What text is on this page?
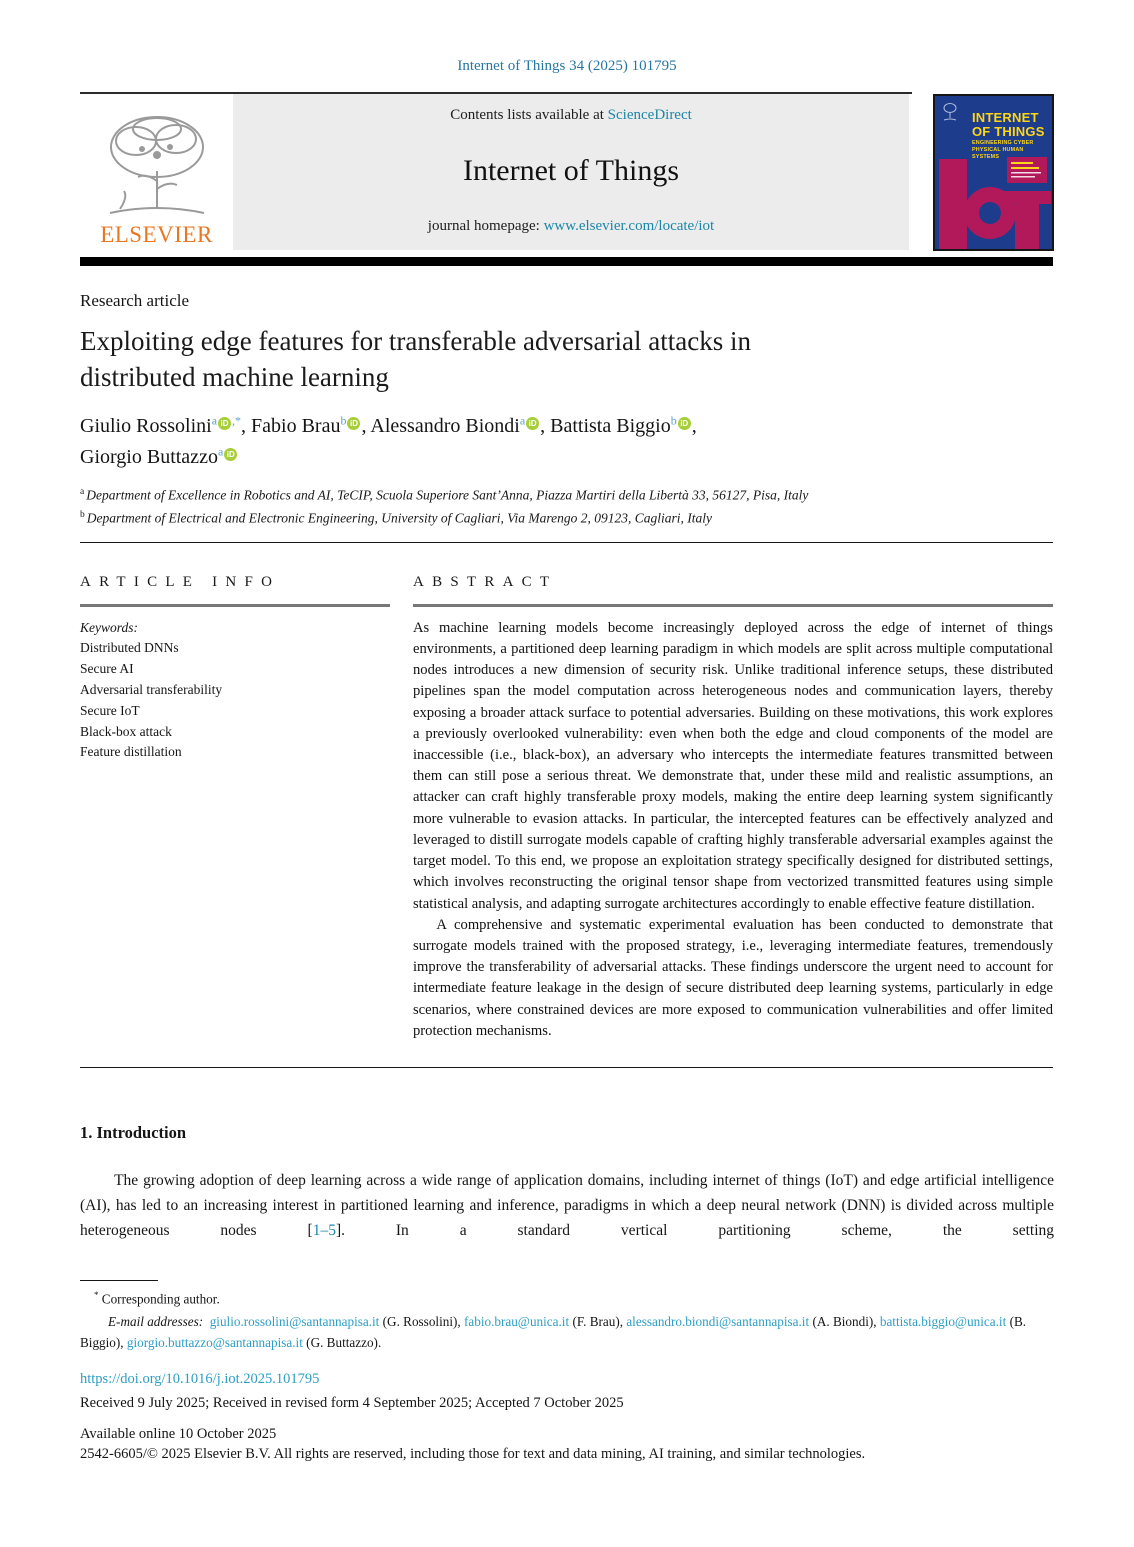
Internet of Things 34 (2025) 101795
ELSEVIER
Contents lists available at ScienceDirect
Internet of Things
journal homepage: www.elsevier.com/locate/iot
INTERNET
OF THINGS
ENGINEERING CYBER
PHYSICAL HUMAN SYSTEMS
Research article
Exploiting edge features for transferable adversarial attacks in
distributed machine learning
Giulio Rossolini$^a$ iD ,*, Fabio Brau$^b$ iD , Alessandro Biondi$^a$ iD , Battista Biggio$^b$ iD ,
Giorgio Buttazzo$^a$ iD
$^a$ Department of Excellence in Robotics and AI, TeCIP, Scuola Superiore Sant’Anna, Piazza Martiri della Libertà 33, 56127, Pisa, Italy
$^b$ Department of Electrical and Electronic Engineering, University of Cagliari, Via Marengo 2, 09123, Cagliari, Italy
ARTICLE INFO
Keywords:
Distributed DNNs
Secure AI
Adversarial transferability
Secure IoT
Black-box attack
Feature distillation
ABSTRACT

As machine learning models become increasingly deployed across the edge of internet of things environments, a partitioned deep learning paradigm in which models are split across multiple computational nodes introduces a new dimension of security risk. Unlike traditional inference setups, these distributed pipelines span the model computation across heterogeneous nodes and communication layers, thereby exposing a broader attack surface to potential adversaries. Building on these motivations, this work explores a previously overlooked vulnerability: even when both the edge and cloud components of the model are inaccessible (i.e., black-box), an adversary who intercepts the intermediate features transmitted between them can still pose a serious threat. We demonstrate that, under these mild and realistic assumptions, an attacker can craft highly transferable proxy models, making the entire deep learning system significantly more vulnerable to evasion attacks. In particular, the intercepted features can be effectively analyzed and leveraged to distill surrogate models capable of crafting highly transferable adversarial examples against the target model. To this end, we propose an exploitation strategy specifically designed for distributed settings, which involves reconstructing the original tensor shape from vectorized transmitted features using simple statistical analysis, and adapting surrogate architectures accordingly to enable effective feature distillation.

A comprehensive and systematic experimental evaluation has been conducted to demonstrate that surrogate models trained with the proposed strategy, i.e., leveraging intermediate features, tremendously improve the transferability of adversarial attacks. These findings underscore the urgent need to account for intermediate feature leakage in the design of secure distributed deep learning systems, particularly in edge scenarios, where constrained devices are more exposed to communication vulnerabilities and offer limited protection mechanisms.

1. Introduction
The growing adoption of deep learning across a wide range of application domains, including internet of things (IoT) and edge artificial intelligence (AI), has led to an increasing interest in partitioned learning and inference, paradigms in which a deep neural network (DNN) is divided across multiple heterogeneous nodes [1–5]. In a standard vertical partitioning scheme, the setting
* Corresponding author.
E-mail addresses: giulio.rossolini@santannapisa.it (G. Rossolini), fabio.brau@unica.it (F. Brau), alessandro.biondi@santannapisa.it (A. Biondi), battista.biggio@unica.it (B. Biggio), giorgio.buttazzo@santannapisa.it (G. Buttazzo).
https://doi.org/10.1016/j.iot.2025.101795
Received 9 July 2025; Received in revised form 4 September 2025; Accepted 7 October 2025
Available online 10 October 2025
2542-6605/© 2025 Elsevier B.V. All rights are reserved, including those for text and data mining, AI training, and similar technologies.
